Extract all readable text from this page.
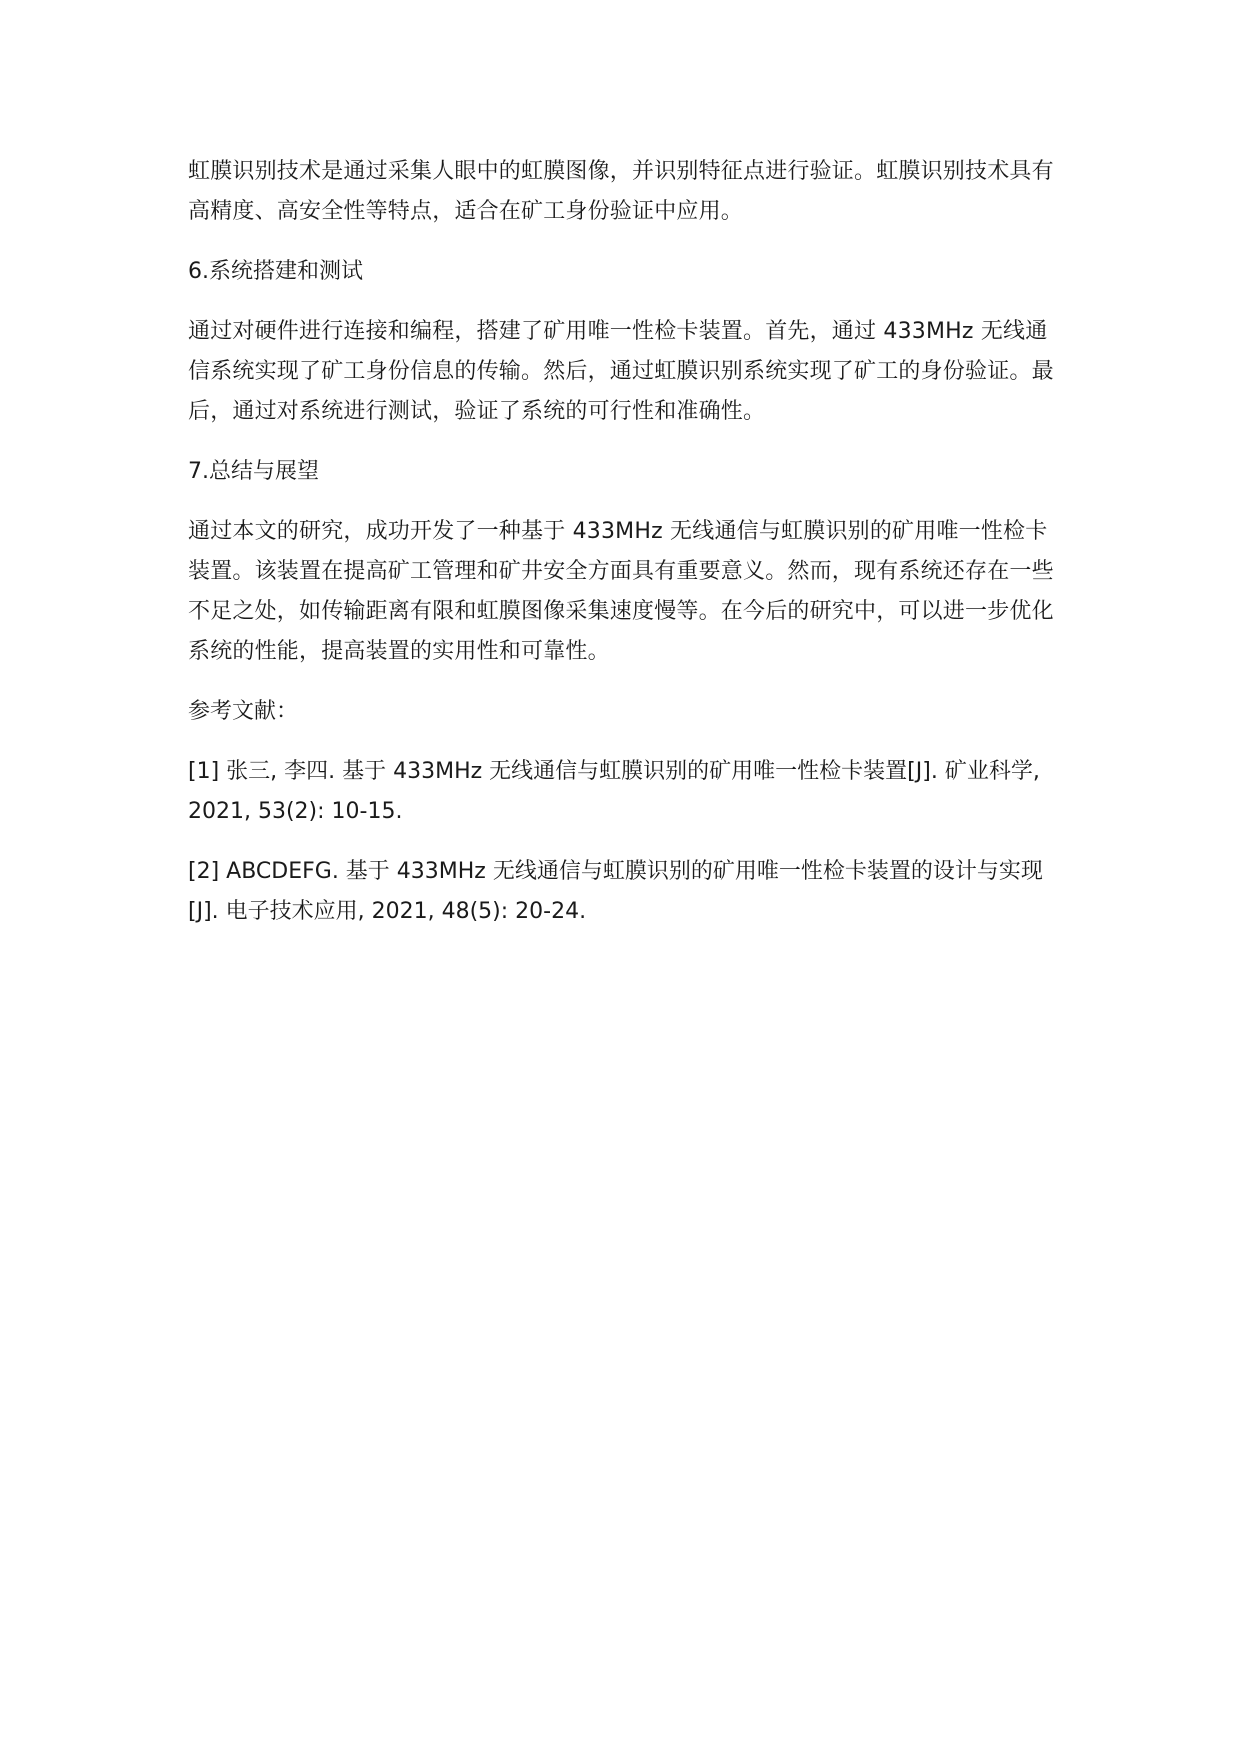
虹膜识别技术是通过采集人眼中的虹膜图像，并识别特征点进行验证。虹膜识别技术具有高精度、高安全性等特点，适合在矿工身份验证中应用。

6.系统搭建和测试

通过对硬件进行连接和编程，搭建了矿用唯一性检卡装置。首先，通过 433MHz 无线通信系统实现了矿工身份信息的传输。然后，通过虹膜识别系统实现了矿工的身份验证。最后，通过对系统进行测试，验证了系统的可行性和准确性。

7.总结与展望

通过本文的研究，成功开发了一种基于 433MHz 无线通信与虹膜识别的矿用唯一性检卡装置。该装置在提高矿工管理和矿井安全方面具有重要意义。然而，现有系统还存在一些不足之处，如传输距离有限和虹膜图像采集速度慢等。在今后的研究中，可以进一步优化系统的性能，提高装置的实用性和可靠性。

参考文献：

[1] 张三, 李四. 基于 433MHz 无线通信与虹膜识别的矿用唯一性检卡装置[J]. 矿业科学, 2021, 53(2): 10-15.

[2] ABCDEFG. 基于 433MHz 无线通信与虹膜识别的矿用唯一性检卡装置的设计与实现[J]. 电子技术应用, 2021, 48(5): 20-24.
